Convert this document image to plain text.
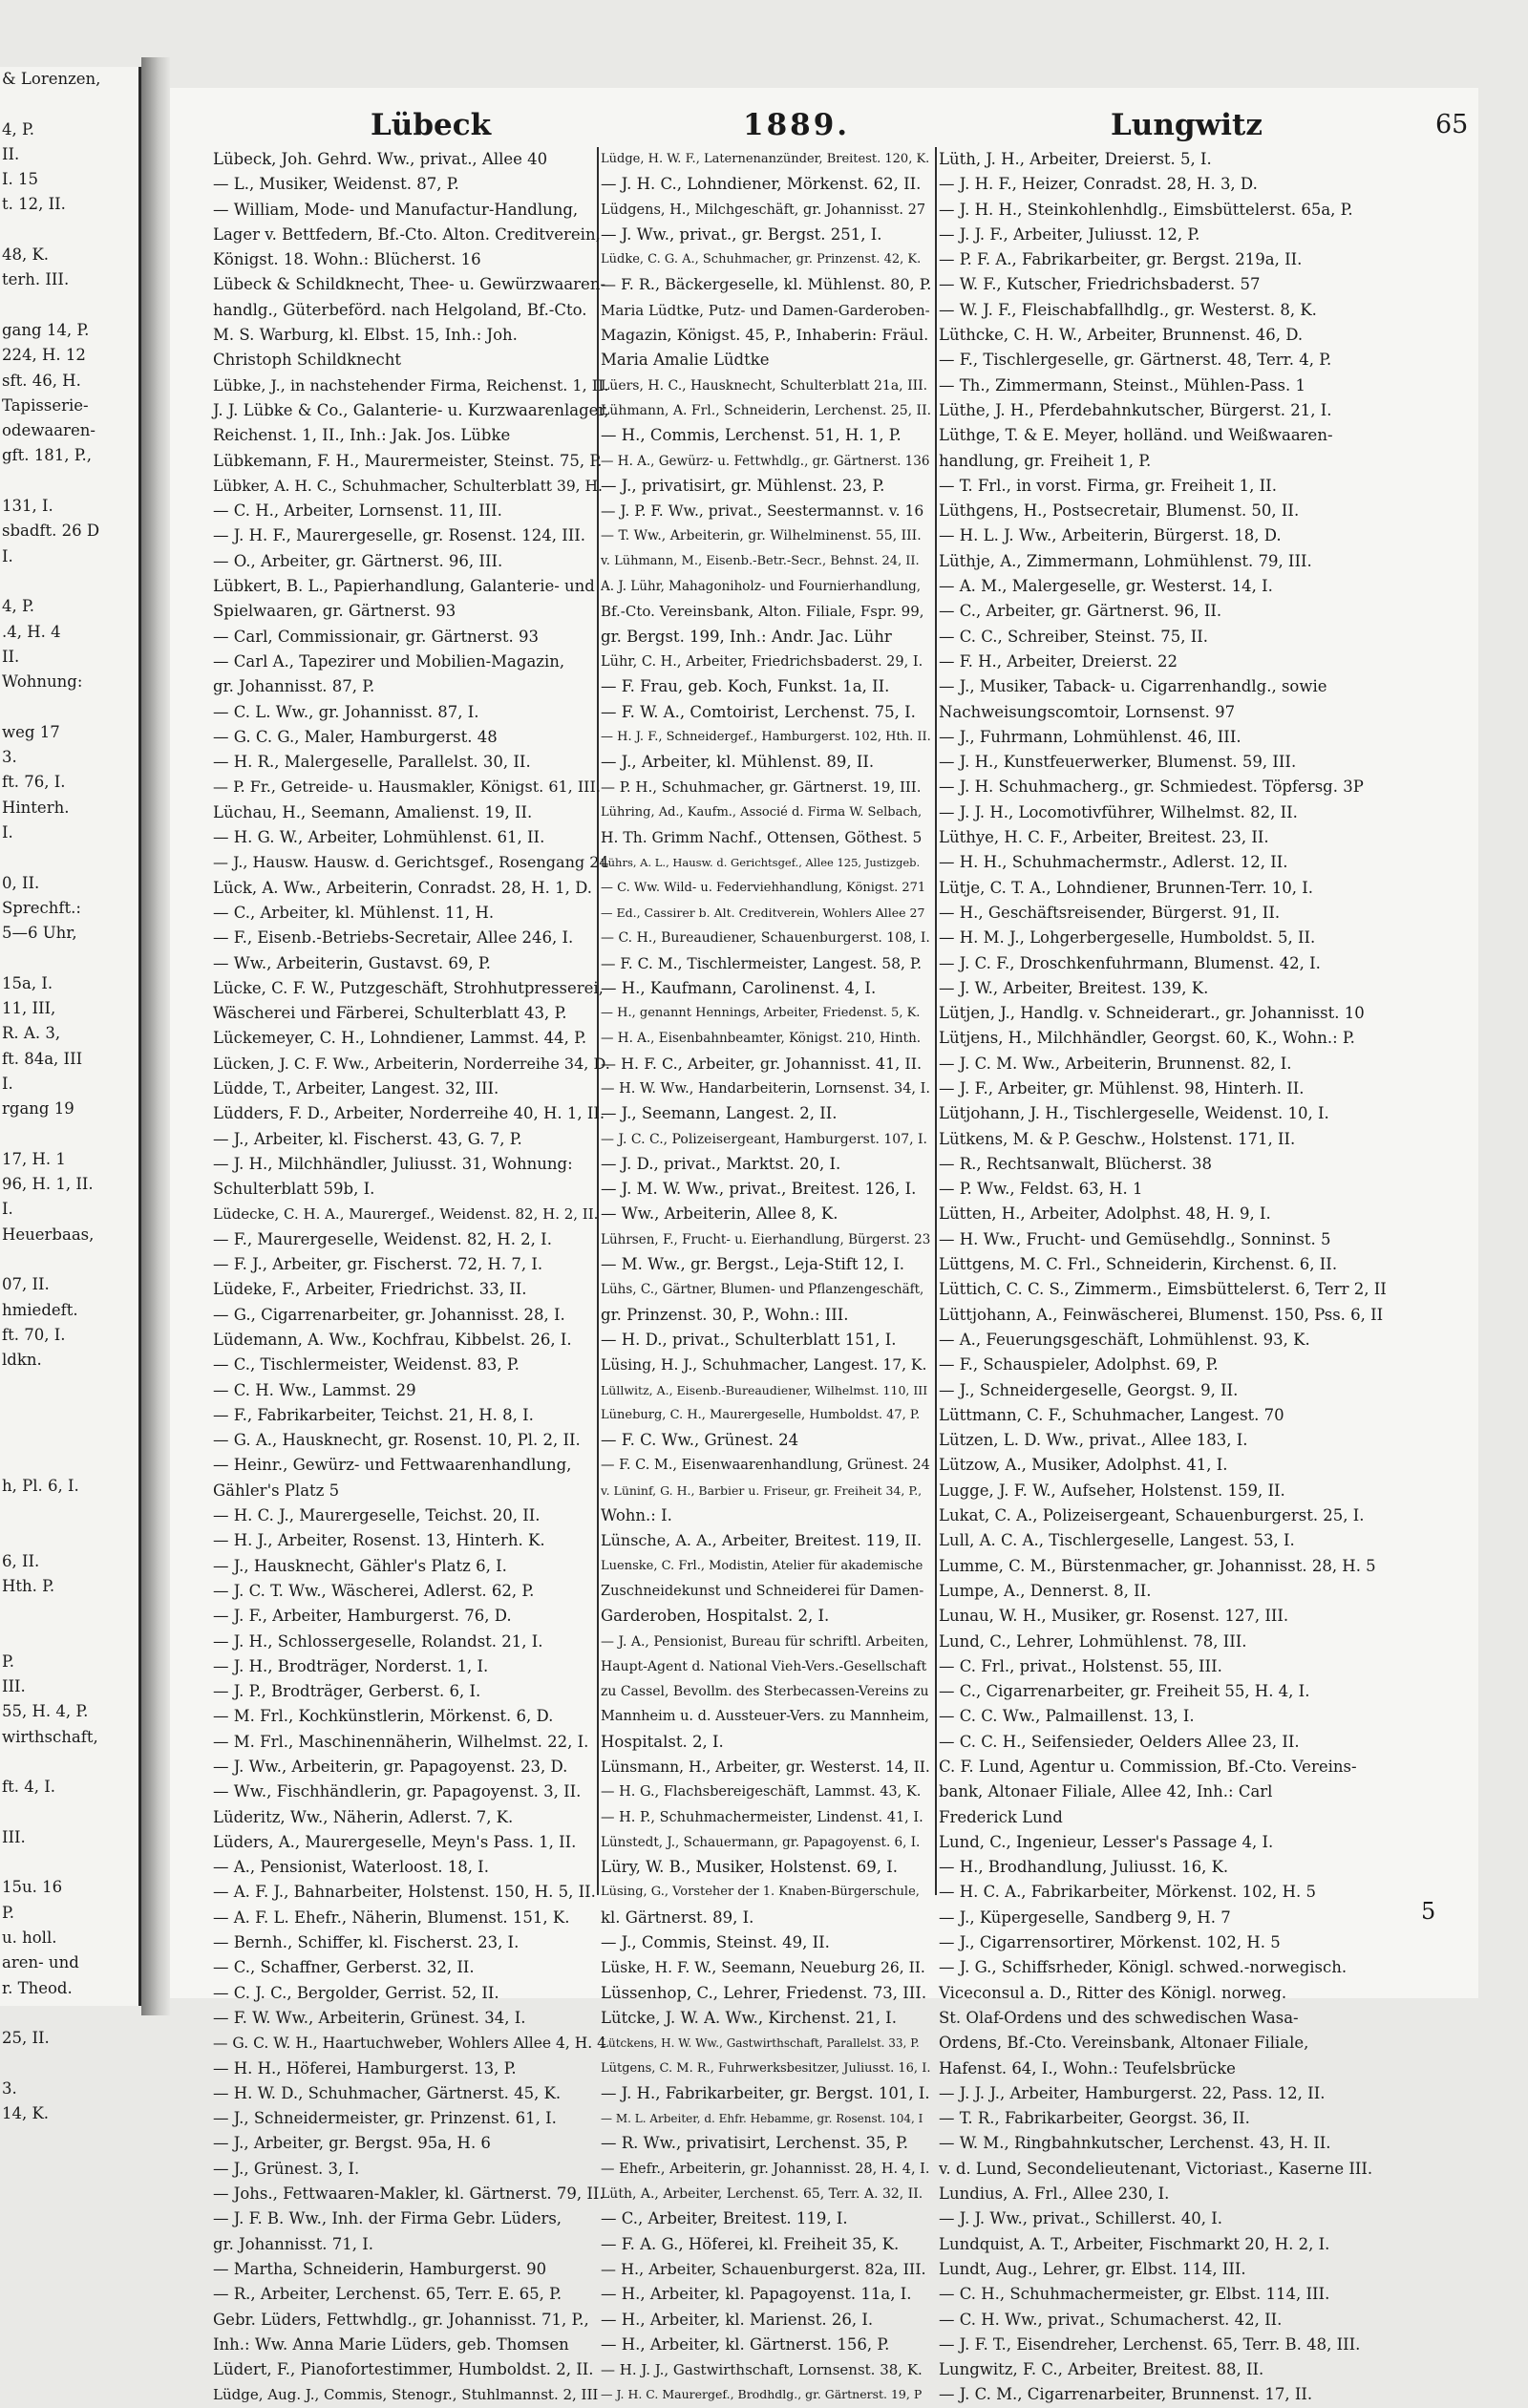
& Lorenzen,
4, P.
II.
I. 15
t. 12, II.
48, K.
terh. III.
gang 14, P.
224, H. 12
sft. 46, H.
Tapisserie-
odewaaren-
gft. 181, P.,
131, I.
sbadft. 26 D
I.
4, P.
.4, H. 4
II.
Wohnung:
weg 17
3.
ft. 76, I.
Hinterh.
I.
0, II.
Sprechft.:
5—6 Uhr,
15a, I.
11, III,
R. A. 3,
ft. 84a, III
I.
rgang 19
17, H. 1
96, H. 1, II.
I.
Heuerbaas,
07, II.
hmiedeft.
ft. 70, I.
ldkn.
h, Pl. 6, I.
6, II.
Hth. P.
P.
III.
55, H. 4, P.
wirthschaft,
ft. 4, I.
III.
15u. 16
P.
u. holl.
aren- und
r. Theod.
25, II.
3.
14, K.
Lübeck	1889.	Lungwitz	65
Lübeck, Joh. Gehrd. Ww., privat., Allee 40
— L., Musiker, Weidenst. 87, P.
— William, Mode- und Manufactur-Handlung,
Lager v. Bettfedern, Bf.-Cto. Alton. Creditverein,
Königst. 18. Wohn.: Blücherst. 16
Lübeck & Schildknecht, Thee- u. Gewürzwaaren-
handlg., Güterbeförd. nach Helgoland, Bf.-Cto.
M. S. Warburg, kl. Elbst. 15, Inh.: Joh.
Christoph Schildknecht
Lübke, J., in nachstehender Firma, Reichenst. 1, II.
J. J. Lübke & Co., Galanterie- u. Kurzwaarenlager,
Reichenst. 1, II., Inh.: Jak. Jos. Lübke
Lübkemann, F. H., Maurermeister, Steinst. 75, P.
Lübker, A. H. C., Schuhmacher, Schulterblatt 39, H.
— C. H., Arbeiter, Lornsenst. 11, III.
— J. H. F., Maurergeselle, gr. Rosenst. 124, III.
— O., Arbeiter, gr. Gärtnerst. 96, III.
Lübkert, B. L., Papierhandlung, Galanterie- und
Spielwaaren, gr. Gärtnerst. 93
— Carl, Commissionair, gr. Gärtnerst. 93
— Carl A., Tapezirer und Mobilien-Magazin,
gr. Johannisst. 87, P.
— C. L. Ww., gr. Johannisst. 87, I.
— G. C. G., Maler, Hamburgerst. 48
— H. R., Malergeselle, Parallelst. 30, II.
— P. Fr., Getreide- u. Hausmakler, Königst. 61, III.
Lüchau, H., Seemann, Amalienst. 19, II.
— H. G. W., Arbeiter, Lohmühlenst. 61, II.
— J., Hausw. Hausw. d. Gerichtsgef., Rosengang 24
Lück, A. Ww., Arbeiterin, Conradst. 28, H. 1, D.
— C., Arbeiter, kl. Mühlenst. 11, H.
— F., Eisenb.-Betriebs-Secretair, Allee 246, I.
— Ww., Arbeiterin, Gustavst. 69, P.
Lücke, C. F. W., Putzgeschäft, Strohhutpresserei,
Wäscherei und Färberei, Schulterblatt 43, P.
Lückemeyer, C. H., Lohndiener, Lammst. 44, P.
Lücken, J. C. F. Ww., Arbeiterin, Norderreihe 34, D.
Lüdde, T., Arbeiter, Langest. 32, III.
Lüdders, F. D., Arbeiter, Norderreihe 40, H. 1, II.
— J., Arbeiter, kl. Fischerst. 43, G. 7, P.
— J. H., Milchhändler, Juliusst. 31, Wohnung:
Schulterblatt 59b, I.
Lüdecke, C. H. A., Maurergef., Weidenst. 82, H. 2, II.
— F., Maurergeselle, Weidenst. 82, H. 2, I.
— F. J., Arbeiter, gr. Fischerst. 72, H. 7, I.
Lüdeke, F., Arbeiter, Friedrichst. 33, II.
— G., Cigarrenarbeiter, gr. Johannisst. 28, I.
Lüdemann, A. Ww., Kochfrau, Kibbelst. 26, I.
— C., Tischlermeister, Weidenst. 83, P.
— C. H. Ww., Lammst. 29
— F., Fabrikarbeiter, Teichst. 21, H. 8, I.
— G. A., Hausknecht, gr. Rosenst. 10, Pl. 2, II.
— Heinr., Gewürz- und Fettwaarenhandlung,
Gähler's Platz 5
— H. C. J., Maurergeselle, Teichst. 20, II.
— H. J., Arbeiter, Rosenst. 13, Hinterh. K.
— J., Hausknecht, Gähler's Platz 6, I.
— J. C. T. Ww., Wäscherei, Adlerst. 62, P.
— J. F., Arbeiter, Hamburgerst. 76, D.
— J. H., Schlossergeselle, Rolandst. 21, I.
— J. H., Brodträger, Norderst. 1, I.
— J. P., Brodträger, Gerberst. 6, I.
— M. Frl., Kochkünstlerin, Mörkenst. 6, D.
— M. Frl., Maschinennäherin, Wilhelmst. 22, I.
— J. Ww., Arbeiterin, gr. Papagoyenst. 23, D.
— Ww., Fischhändlerin, gr. Papagoyenst. 3, II.
Lüderitz, Ww., Näherin, Adlerst. 7, K.
Lüders, A., Maurergeselle, Meyn's Pass. 1, II.
— A., Pensionist, Waterloost. 18, I.
— A. F. J., Bahnarbeiter, Holstenst. 150, H. 5, II.
— A. F. L. Ehefr., Näherin, Blumenst. 151, K.
— Bernh., Schiffer, kl. Fischerst. 23, I.
— C., Schaffner, Gerberst. 32, II.
— C. J. C., Bergolder, Gerrist. 52, II.
— F. W. Ww., Arbeiterin, Grünest. 34, I.
— G. C. W. H., Haartuchweber, Wohlers Allee 4, H. 4
— H. H., Höferei, Hamburgerst. 13, P.
— H. W. D., Schuhmacher, Gärtnerst. 45, K.
— J., Schneidermeister, gr. Prinzenst. 61, I.
— J., Arbeiter, gr. Bergst. 95a, H. 6
— J., Grünest. 3, I.
— Johs., Fettwaaren-Makler, kl. Gärtnerst. 79, II.
— J. F. B. Ww., Inh. der Firma Gebr. Lüders,
gr. Johannisst. 71, I.
— Martha, Schneiderin, Hamburgerst. 90
— R., Arbeiter, Lerchenst. 65, Terr. E. 65, P.
Gebr. Lüders, Fettwhdlg., gr. Johannisst. 71, P.,
Inh.: Ww. Anna Marie Lüders, geb. Thomsen
Lüdert, F., Pianofortestimmer, Humboldst. 2, II.
Lüdge, Aug. J., Commis, Stenogr., Stuhlmannst. 2, III
Lüdge, H. W. F., Laternenanzünder, Breitest. 120, K.
— J. H. C., Lohndiener, Mörkenst. 62, II.
Lüdgens, H., Milchgeschäft, gr. Johannisst. 27
— J. Ww., privat., gr. Bergst. 251, I.
Lüdke, C. G. A., Schuhmacher, gr. Prinzenst. 42, K.
— F. R., Bäckergeselle, kl. Mühlenst. 80, P.
Maria Lüdtke, Putz- und Damen-Garderoben-
Magazin, Königst. 45, P., Inhaberin: Fräul.
Maria Amalie Lüdtke
Lüers, H. C., Hausknecht, Schulterblatt 21a, III.
Lühmann, A. Frl., Schneiderin, Lerchenst. 25, II.
— H., Commis, Lerchenst. 51, H. 1, P.
— H. A., Gewürz- u. Fettwhdlg., gr. Gärtnerst. 136
— J., privatisirt, gr. Mühlenst. 23, P.
— J. P. F. Ww., privat., Seestermannst. v. 16
— T. Ww., Arbeiterin, gr. Wilhelminenst. 55, III.
v. Lühmann, M., Eisenb.-Betr.-Secr., Behnst. 24, II.
A. J. Lühr, Mahagoniholz- und Fournierhandlung,
Bf.-Cto. Vereinsbank, Alton. Filiale, Fspr. 99,
gr. Bergst. 199, Inh.: Andr. Jac. Lühr
Lühr, C. H., Arbeiter, Friedrichsbaderst. 29, I.
— F. Frau, geb. Koch, Funkst. 1a, II.
— F. W. A., Comtoirist, Lerchenst. 75, I.
— H. J. F., Schneidergef., Hamburgerst. 102, Hth. II.
— J., Arbeiter, kl. Mühlenst. 89, II.
— P. H., Schuhmacher, gr. Gärtnerst. 19, III.
Lühring, Ad., Kaufm., Associé d. Firma W. Selbach,
H. Th. Grimm Nachf., Ottensen, Göthest. 5
Lührs, A. L., Hausw. d. Gerichtsgef., Allee 125, Justizgeb.
— C. Ww. Wild- u. Federviehhandlung, Königst. 271
— Ed., Cassirer b. Alt. Creditverein, Wohlers Allee 27
— C. H., Bureaudiener, Schauenburgerst. 108, I.
— F. C. M., Tischlermeister, Langest. 58, P.
— H., Kaufmann, Carolinenst. 4, I.
— H., genannt Hennings, Arbeiter, Friedenst. 5, K.
— H. A., Eisenbahnbeamter, Königst. 210, Hinth.
— H. F. C., Arbeiter, gr. Johannisst. 41, II.
— H. W. Ww., Handarbeiterin, Lornsenst. 34, I.
— J., Seemann, Langest. 2, II.
— J. C. C., Polizeisergeant, Hamburgerst. 107, I.
— J. D., privat., Marktst. 20, I.
— J. M. W. Ww., privat., Breitest. 126, I.
— Ww., Arbeiterin, Allee 8, K.
Lührsen, F., Frucht- u. Eierhandlung, Bürgerst. 23
— M. Ww., gr. Bergst., Leja-Stift 12, I.
Lühs, C., Gärtner, Blumen- und Pflanzengeschäft,
gr. Prinzenst. 30, P., Wohn.: III.
— H. D., privat., Schulterblatt 151, I.
Lüsing, H. J., Schuhmacher, Langest. 17, K.
Lüllwitz, A., Eisenb.-Bureaudiener, Wilhelmst. 110, III
Lüneburg, C. H., Maurergeselle, Humboldst. 47, P.
— F. C. Ww., Grünest. 24
— F. C. M., Eisenwaarenhandlung, Grünest. 24
v. Lüninf, G. H., Barbier u. Friseur, gr. Freiheit 34, P.,
Wohn.: I.
Lünsche, A. A., Arbeiter, Breitest. 119, II.
Luenske, C. Frl., Modistin, Atelier für akademische
Zuschneidekunst und Schneiderei für Damen-
Garderoben, Hospitalst. 2, I.
— J. A., Pensionist, Bureau für schriftl. Arbeiten,
Haupt-Agent d. National Vieh-Vers.-Gesellschaft
zu Cassel, Bevollm. des Sterbecassen-Vereins zu
Mannheim u. d. Aussteuer-Vers. zu Mannheim,
Hospitalst. 2, I.
Lünsmann, H., Arbeiter, gr. Westerst. 14, II.
— H. G., Flachsbereigeschäft, Lammst. 43, K.
— H. P., Schuhmachermeister, Lindenst. 41, I.
Lünstedt, J., Schauermann, gr. Papagoyenst. 6, I.
Lüry, W. B., Musiker, Holstenst. 69, I.
Lüsing, G., Vorsteher der 1. Knaben-Bürgerschule,
kl. Gärtnerst. 89, I.
— J., Commis, Steinst. 49, II.
Lüske, H. F. W., Seemann, Neueburg 26, II.
Lüssenhop, C., Lehrer, Friedenst. 73, III.
Lütcke, J. W. A. Ww., Kirchenst. 21, I.
Lütckens, H. W. Ww., Gastwirthschaft, Parallelst. 33, P.
Lütgens, C. M. R., Fuhrwerksbesitzer, Juliusst. 16, I.
— J. H., Fabrikarbeiter, gr. Bergst. 101, I.
— M. L. Arbeiter, d. Ehfr. Hebamme, gr. Rosenst. 104, I
— R. Ww., privatisirt, Lerchenst. 35, P.
— Ehefr., Arbeiterin, gr. Johannisst. 28, H. 4, I.
Lüth, A., Arbeiter, Lerchenst. 65, Terr. A. 32, II.
— C., Arbeiter, Breitest. 119, I.
— F. A. G., Höferei, kl. Freiheit 35, K.
— H., Arbeiter, Schauenburgerst. 82a, III.
— H., Arbeiter, kl. Papagoyenst. 11a, I.
— H., Arbeiter, kl. Marienst. 26, I.
— H., Arbeiter, kl. Gärtnerst. 156, P.
— H. J. J., Gastwirthschaft, Lornsenst. 38, K.
— J. H. C. Maurergef., Brodhdlg., gr. Gärtnerst. 19, P
Lüth, J. H., Arbeiter, Dreierst. 5, I.
— J. H. F., Heizer, Conradst. 28, H. 3, D.
— J. H. H., Steinkohlenhdlg., Eimsbüttelerst. 65a, P.
— J. J. F., Arbeiter, Juliusst. 12, P.
— P. F. A., Fabrikarbeiter, gr. Bergst. 219a, II.
— W. F., Kutscher, Friedrichsbaderst. 57
— W. J. F., Fleischabfallhdlg., gr. Westerst. 8, K.
Lüthcke, C. H. W., Arbeiter, Brunnenst. 46, D.
— F., Tischlergeselle, gr. Gärtnerst. 48, Terr. 4, P.
— Th., Zimmermann, Steinst., Mühlen-Pass. 1
Lüthe, J. H., Pferdebahnkutscher, Bürgerst. 21, I.
Lüthge, T. & E. Meyer, holländ. und Weißwaaren-
handlung, gr. Freiheit 1, P.
— T. Frl., in vorst. Firma, gr. Freiheit 1, II.
Lüthgens, H., Postsecretair, Blumenst. 50, II.
— H. L. J. Ww., Arbeiterin, Bürgerst. 18, D.
Lüthje, A., Zimmermann, Lohmühlenst. 79, III.
— A. M., Malergeselle, gr. Westerst. 14, I.
— C., Arbeiter, gr. Gärtnerst. 96, II.
— C. C., Schreiber, Steinst. 75, II.
— F. H., Arbeiter, Dreierst. 22
— J., Musiker, Taback- u. Cigarrenhandlg., sowie
Nachweisungscomtoir, Lornsenst. 97
— J., Fuhrmann, Lohmühlenst. 46, III.
— J. H., Kunstfeuerwerker, Blumenst. 59, III.
— J. H. Schuhmacherg., gr. Schmiedest. Töpfersg. 3P
— J. J. H., Locomotivführer, Wilhelmst. 82, II.
Lüthye, H. C. F., Arbeiter, Breitest. 23, II.
— H. H., Schuhmachermstr., Adlerst. 12, II.
Lütje, C. T. A., Lohndiener, Brunnen-Terr. 10, I.
— H., Geschäftsreisender, Bürgerst. 91, II.
— H. M. J., Lohgerbergeselle, Humboldst. 5, II.
— J. C. F., Droschkenfuhrmann, Blumenst. 42, I.
— J. W., Arbeiter, Breitest. 139, K.
Lütjen, J., Handlg. v. Schneiderart., gr. Johannisst. 10
Lütjens, H., Milchhändler, Georgst. 60, K., Wohn.: P.
— J. C. M. Ww., Arbeiterin, Brunnenst. 82, I.
— J. F., Arbeiter, gr. Mühlenst. 98, Hinterh. II.
Lütjohann, J. H., Tischlergeselle, Weidenst. 10, I.
Lütkens, M. & P. Geschw., Holstenst. 171, II.
— R., Rechtsanwalt, Blücherst. 38
— P. Ww., Feldst. 63, H. 1
Lütten, H., Arbeiter, Adolphst. 48, H. 9, I.
— H. Ww., Frucht- und Gemüsehdlg., Sonninst. 5
Lüttgens, M. C. Frl., Schneiderin, Kirchenst. 6, II.
Lüttich, C. C. S., Zimmerm., Eimsbüttelerst. 6, Terr 2, II
Lüttjohann, A., Feinwäscherei, Blumenst. 150, Pss. 6, II
— A., Feuerungsgeschäft, Lohmühlenst. 93, K.
— F., Schauspieler, Adolphst. 69, P.
— J., Schneidergeselle, Georgst. 9, II.
Lüttmann, C. F., Schuhmacher, Langest. 70
Lützen, L. D. Ww., privat., Allee 183, I.
Lützow, A., Musiker, Adolphst. 41, I.
Lugge, J. F. W., Aufseher, Holstenst. 159, II.
Lukat, C. A., Polizeisergeant, Schauenburgerst. 25, I.
Lull, A. C. A., Tischlergeselle, Langest. 53, I.
Lumme, C. M., Bürstenmacher, gr. Johannisst. 28, H. 5
Lumpe, A., Dennerst. 8, II.
Lunau, W. H., Musiker, gr. Rosenst. 127, III.
Lund, C., Lehrer, Lohmühlenst. 78, III.
— C. Frl., privat., Holstenst. 55, III.
— C., Cigarrenarbeiter, gr. Freiheit 55, H. 4, I.
— C. C. Ww., Palmaillenst. 13, I.
— C. C. H., Seifensieder, Oelders Allee 23, II.
C. F. Lund, Agentur u. Commission, Bf.-Cto. Vereins-
bank, Altonaer Filiale, Allee 42, Inh.: Carl
Frederick Lund
Lund, C., Ingenieur, Lesser's Passage 4, I.
— H., Brodhandlung, Juliusst. 16, K.
— H. C. A., Fabrikarbeiter, Mörkenst. 102, H. 5
— J., Küpergeselle, Sandberg 9, H. 7
— J., Cigarrensortirer, Mörkenst. 102, H. 5
— J. G., Schiffsrheder, Königl. schwed.-norwegisch.
Viceconsul a. D., Ritter des Königl. norweg.
St. Olaf-Ordens und des schwedischen Wasa-
Ordens, Bf.-Cto. Vereinsbank, Altonaer Filiale,
Hafenst. 64, I., Wohn.: Teufelsbrücke
— J. J. J., Arbeiter, Hamburgerst. 22, Pass. 12, II.
— T. R., Fabrikarbeiter, Georgst. 36, II.
— W. M., Ringbahnkutscher, Lerchenst. 43, H. II.
v. d. Lund, Secondelieutenant, Victoriast., Kaserne III.
Lundius, A. Frl., Allee 230, I.
— J. J. Ww., privat., Schillerst. 40, I.
Lundquist, A. T., Arbeiter, Fischmarkt 20, H. 2, I.
Lundt, Aug., Lehrer, gr. Elbst. 114, III.
— C. H., Schuhmachermeister, gr. Elbst. 114, III.
— C. H. Ww., privat., Schumacherst. 42, II.
— J. F. T., Eisendreher, Lerchenst. 65, Terr. B. 48, III.
Lungwitz, F. C., Arbeiter, Breitest. 88, II.
— J. C. M., Cigarrenarbeiter, Brunnenst. 17, II.
5
